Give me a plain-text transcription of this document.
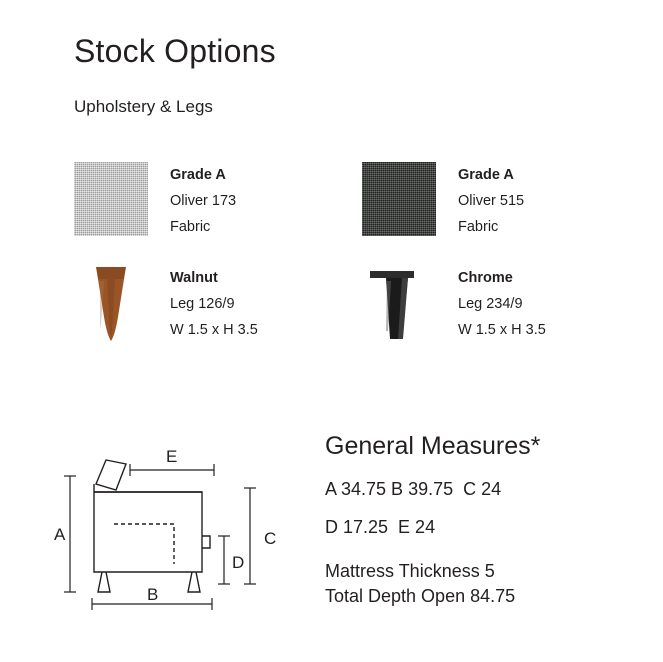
Stock Options
Upholstery & Legs
Grade A
Oliver 173
Fabric
Grade A
Oliver 515
Fabric
Walnut
Leg 126/9
W 1.5 x H 3.5
Chrome
Leg 234/9
W 1.5 x H 3.5
A
B
C
D
E	General Measures*
A 34.75 B 39.75  C 24
D 17.25  E 24
Mattress Thickness 5
Total Depth Open 84.75
